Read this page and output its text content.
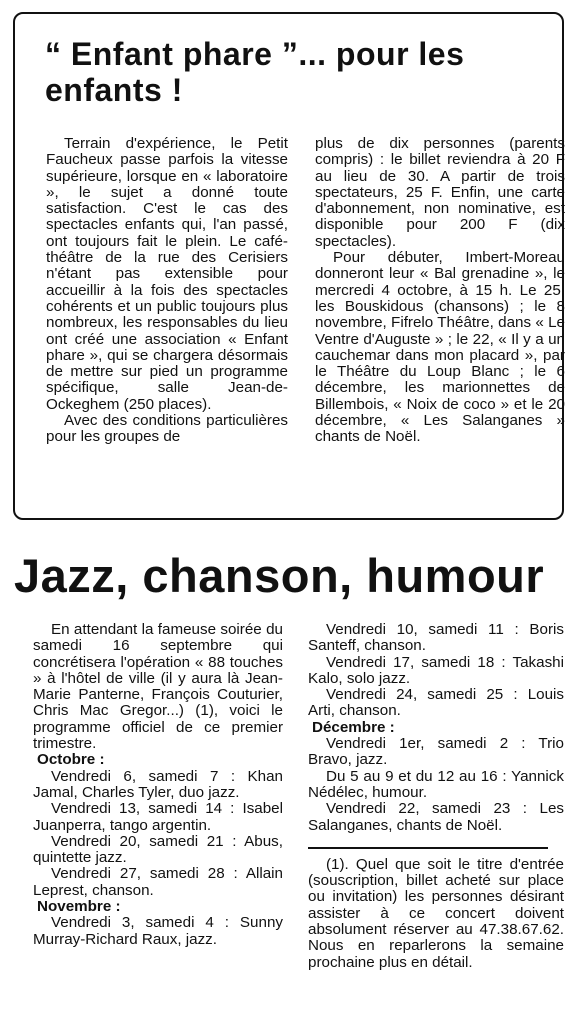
“ Enfant phare ”... pour les enfants !

Terrain d'expérience, le Petit Faucheux passe parfois la vitesse supérieure, lorsque en « laboratoire », le sujet a donné toute satisfaction. C'est le cas des spectacles enfants qui, l'an passé, ont toujours fait le plein. Le café-théâtre de la rue des Cerisiers n'étant pas extensible pour accueillir à la fois des spectacles cohérents et un public toujours plus nombreux, les responsables du lieu ont créé une association « Enfant phare », qui se chargera désormais de mettre sur pied un programme spécifique, salle Jean-de-Ockeghem (250 places).

Avec des conditions particulières pour les groupes de

plus de dix personnes (parents compris) : le billet reviendra à 20 F au lieu de 30. A partir de trois spectateurs, 25 F. Enfin, une carte d'abonnement, non nominative, est disponible pour 200 F (dix spectacles).

Pour débuter, Imbert-Moreau donneront leur « Bal grenadine », le mercredi 4 octobre, à 15 h. Le 25, les Bouskidous (chansons) ; le 8 novembre, Fifrelo Théâtre, dans « Le Ventre d'Auguste » ; le 22, « Il y a un cauchemar dans mon placard », par le Théâtre du Loup Blanc ; le 6 décembre, les marionnettes de Billembois, « Noix de coco » et le 20 décembre, « Les Salanganes » chants de Noël.

Jazz, chanson, humour

En attendant la fameuse soirée du samedi 16 septembre qui concrétisera l'opération « 88 touches » à l'hôtel de ville (il y aura là Jean-Marie Panterne, François Couturier, Chris Mac Gregor...) (1), voici le programme officiel de ce premier trimestre.

Octobre :

Vendredi 6, samedi 7 : Khan Jamal, Charles Tyler, duo jazz.

Vendredi 13, samedi 14 : Isabel Juanperra, tango argentin.

Vendredi 20, samedi 21 : Abus, quintette jazz.

Vendredi 27, samedi 28 : Allain Leprest, chanson.

Novembre :

Vendredi 3, samedi 4 : Sunny Murray-Richard Raux, jazz.

Vendredi 10, samedi 11 : Boris Santeff, chanson.

Vendredi 17, samedi 18 : Takashi Kalo, solo jazz.

Vendredi 24, samedi 25 : Louis Arti, chanson.

Décembre :

Vendredi 1er, samedi 2 : Trio Bravo, jazz.

Du 5 au 9 et du 12 au 16 : Yannick Nédélec, humour.

Vendredi 22, samedi 23 : Les Salanganes, chants de Noël.

(1). Quel que soit le titre d'entrée (souscription, billet acheté sur place ou invitation) les personnes désirant assister à ce concert doivent absolument réserver au 47.38.67.62. Nous en reparlerons la semaine prochaine plus en détail.
